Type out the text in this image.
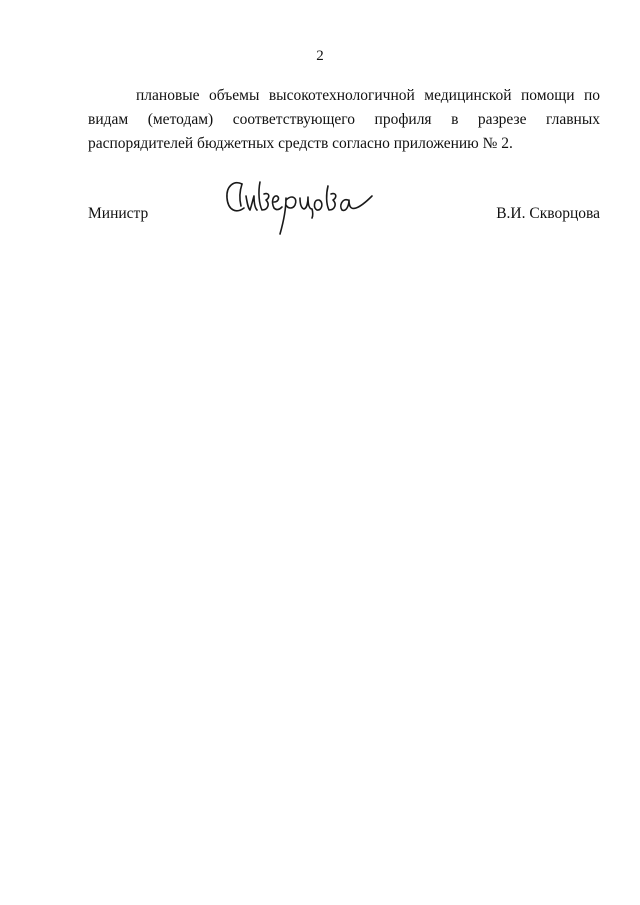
2
плановые объемы высокотехнологичной медицинской помощи по
видам (методам) соответствующего профиля в разрезе главных
распорядителей бюджетных средств согласно приложению № 2.
Министр	В.И. Скворцова
